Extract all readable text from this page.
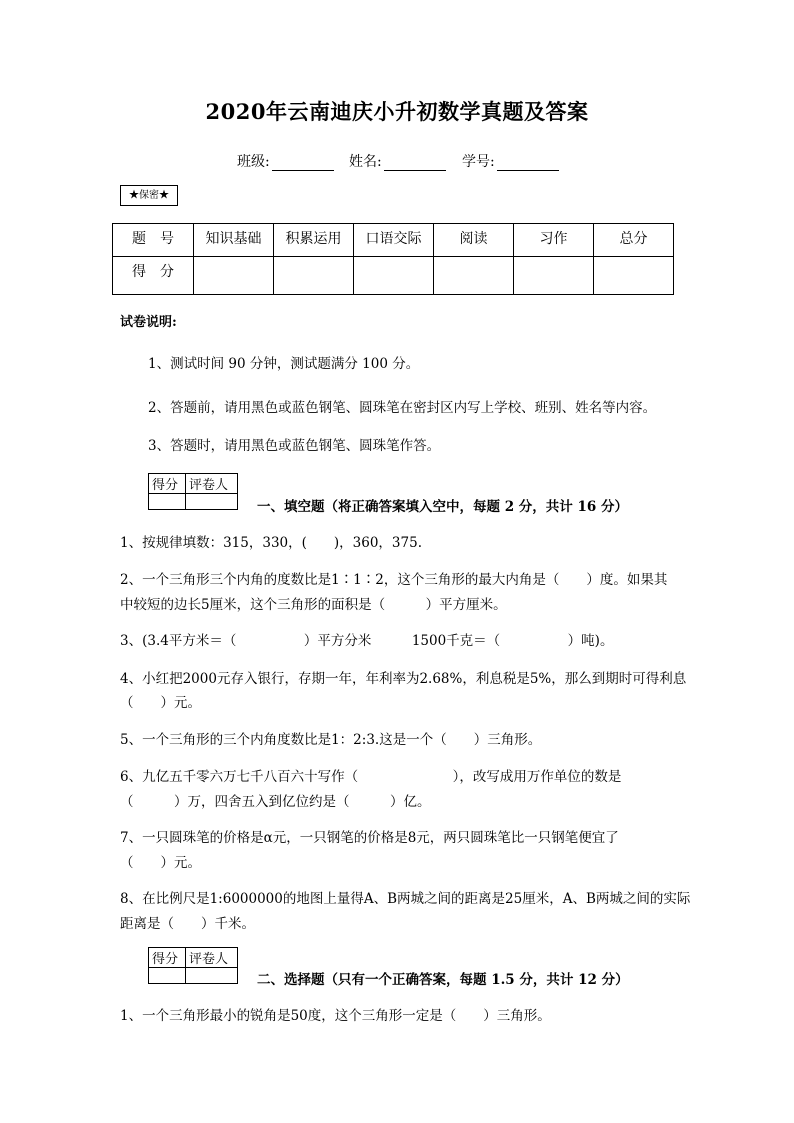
2020年云南迪庆小升初数学真题及答案
班级:	姓名:	学号:
★保密★
题　号	知识基础	积累运用	口语交际	阅读	习作	总分
得　分						
试卷说明:
1、测试时间 90 分钟，测试题满分 100 分。
2、答题前，请用黑色或蓝色钢笔、圆珠笔在密封区内写上学校、班别、姓名等内容。
3、答题时，请用黑色或蓝色钢笔、圆珠笔作答。
得分	评卷人

一、填空题（将正确答案填入空中，每题 2 分，共计 16 分）
1、按规律填数：315，330，(　　)，360，375.
2、一个三角形三个内角的度数比是1∶1∶2，这个三角形的最大内角是（　　）度。如果其
中较短的边长5厘米，这个三角形的面积是（　　　）平方厘米。
3、(3.4平方米＝（　　　　　）平方分米　　　1500千克＝（　　　　　）吨)。
4、小红把2000元存入银行，存期一年，年利率为2.68%，利息税是5%，那么到期时可得利息
（　　）元。
5、一个三角形的三个内角度数比是1：2:3.这是一个（　　）三角形。
6、九亿五千零六万七千八百六十写作（　　　　　　　），改写成用万作单位的数是
（　　　）万，四舍五入到亿位约是（　　　）亿。
7、一只圆珠笔的价格是α元，一只钢笔的价格是8元，两只圆珠笔比一只钢笔便宜了
（　　）元。
8、在比例尺是1:6000000的地图上量得A、B两城之间的距离是25厘米，A、B两城之间的实际
距离是（　　）千米。
得分	评卷人

二、选择题（只有一个正确答案，每题 1.5 分，共计 12 分）
1、一个三角形最小的锐角是50度，这个三角形一定是（　　）三角形。
